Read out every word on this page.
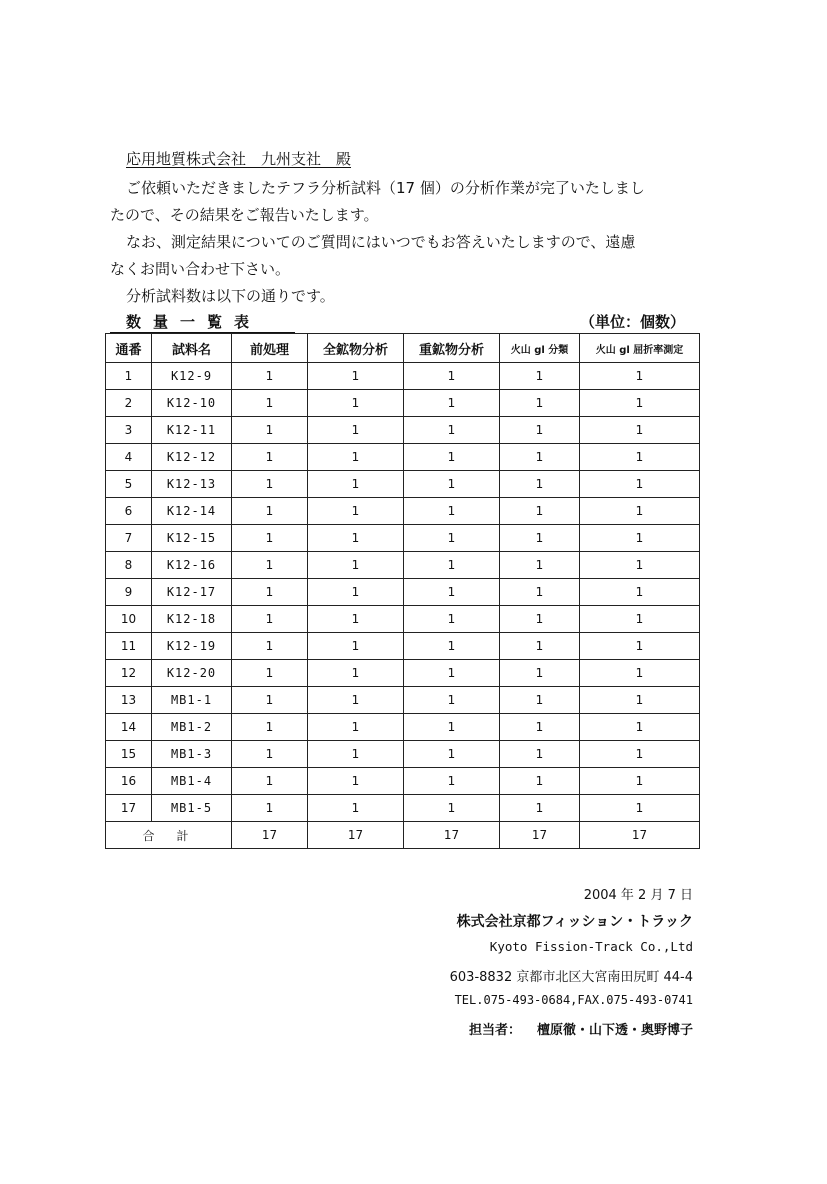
応用地質株式会社　九州支社　殿
ご依頼いただきましたテフラ分析試料（17 個）の分析作業が完了いたしまし
たので、その結果をご報告いたします。
なお、測定結果についてのご質問にはいつでもお答えいたしますので、遠慮
なくお問い合わせ下さい。
分析試料数は以下の通りです。
数量一覧表	（単位：個数）
通番	試料名	前処理	全鉱物分析	重鉱物分析	火山 gl 分類	火山 gl 屈折率測定
1	K12-9	1	1	1	1	1
2	K12-10	1	1	1	1	1
3	K12-11	1	1	1	1	1
4	K12-12	1	1	1	1	1
5	K12-13	1	1	1	1	1
6	K12-14	1	1	1	1	1
7	K12-15	1	1	1	1	1
8	K12-16	1	1	1	1	1
9	K12-17	1	1	1	1	1
10	K12-18	1	1	1	1	1
11	K12-19	1	1	1	1	1
12	K12-20	1	1	1	1	1
13	MB1-1	1	1	1	1	1
14	MB1-2	1	1	1	1	1
15	MB1-3	1	1	1	1	1
16	MB1-4	1	1	1	1	1
17	MB1-5	1	1	1	1	1
合計		17	17	17	17	17
2004 年 2 月 7 日
株式会社京都フィッション・トラック
Kyoto Fission-Track Co.,Ltd
603-8832 京都市北区大宮南田尻町 44-4
TEL.075-493-0684,FAX.075-493-0741
担当者： 檀原徹・山下透・奥野博子
